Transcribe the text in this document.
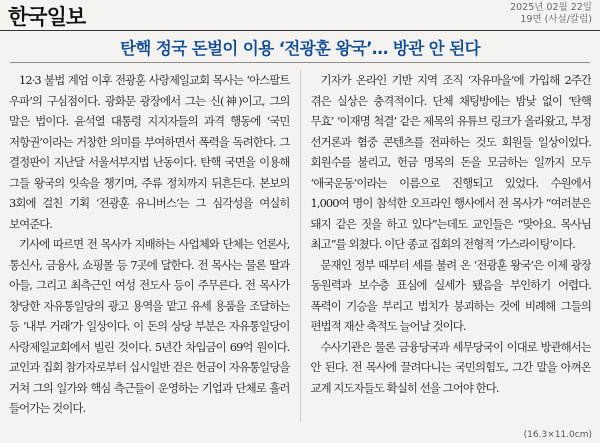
한국일보	2025년 02월 22일
19면 (사설/칼럼)
탄핵 정국 돈벌이 이용 ‘전광훈 왕국’… 방관 안 된다

12·3 불법 계엄 이후 전광훈 사랑제일교회 목사는 ‘아스팔트 우파’의 구심점이다. 광화문 광장에서 그는 신(神)이고, 그의 말은 법이다. 윤석열 대통령 지지자들의 과격 행동에 ‘국민 저항권’이라는 거창한 의미를 부여하면서 폭력을 독려한다. 그 결정판이 지난달 서울서부지법 난동이다. 탄핵 국면을 이용해 그들 왕국의 잇속을 챙기며, 주류 정치까지 뒤흔든다. 본보의 3회에 걸친 기획 ‘전광훈 유니버스’는 그 심각성을 여실히 보여준다.

기사에 따르면 전 목사가 지배하는 사업체와 단체는 언론사, 통신사, 금융사, 쇼핑몰 등 7곳에 달한다. 전 목사는 물론 딸과 아들, 그리고 최측근인 여성 전도사 등이 주무른다. 전 목사가 창당한 자유통일당의 광고 용역을 맡고 유세 용품을 조달하는 등 ‘내부 거래’가 일상이다. 이 돈의 상당 부분은 자유통일당이 사랑제일교회에서 빌린 것이다. 5년간 차입금이 69억 원이다. 교인과 집회 참가자로부터 십시일반 걷은 헌금이 자유통일당을 거쳐 그의 일가와 핵심 측근들이 운영하는 기업과 단체로 흘러 들어가는 것이다.

기자가 온라인 기반 지역 조직 ‘자유마을’에 가입해 2주간 겪은 실상은 충격적이다. 단체 채팅방에는 밤낮 없이 ‘탄핵 무효’ ‘이재명 척결’ 같은 제목의 유튜브 링크가 올라왔고, 부정 선거론과 혐중 콘텐츠를 전파하는 것도 회원들 일상이었다. 회원수를 불리고, 헌금 명목의 돈을 모금하는 일까지 모두 ‘애국운동’이라는 이름으로 진행되고 있었다. 수원에서 1,000여 명이 참석한 오프라인 행사에서 전 목사가 “여러분은 돼지 같은 짓을 하고 있다”는데도 교인들은 “맞아요. 목사님 최고”를 외쳤다. 이단 종교 집회의 전형적 ‘가스라이팅’이다.

문재인 정부 때부터 세를 불려 온 ‘전광훈 왕국’은 이제 광장 동원력과 보수층 표심에 실세가 됐음을 부인하기 어렵다. 폭력이 기승을 부리고 법치가 붕괴하는 것에 비례해 그들의 편법적 재산 축적도 늘어날 것이다.

수사기관은 물론 금융당국과 세무당국이 이대로 방관해서는 안 된다. 전 목사에 끌려다니는 국민의힘도, 그간 말을 아껴온 교계 지도자들도 확실히 선을 그어야 한다.

(16.3×11.0cm)
